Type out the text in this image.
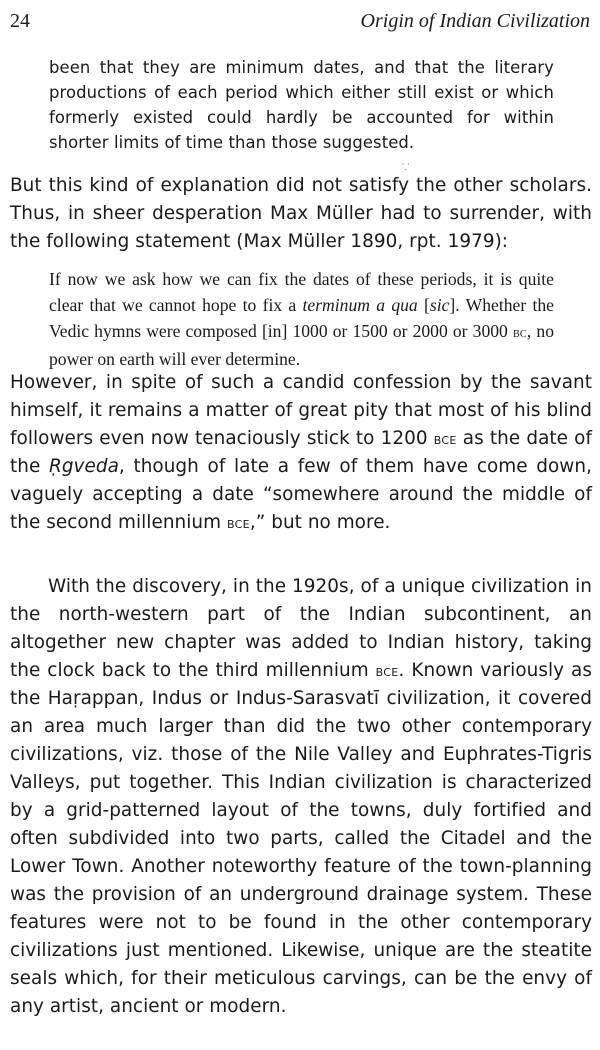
24	Origin of Indian Civilization

been that they are minimum dates, and that the literary productions of each period which either still exist or which formerly existed could hardly be accounted for within shorter limits of time than those suggested.

⸪

But this kind of explanation did not satisfy the other scholars. Thus, in sheer desperation Max Müller had to surrender, with the following statement (Max Müller 1890, rpt. 1979):

If now we ask how we can fix the dates of these periods, it is quite clear that we cannot hope to fix a terminum a qua [sic]. Whether the Vedic hymns were composed [in] 1000 or 1500 or 2000 or 3000 bc, no power on earth will ever determine.

However, in spite of such a candid confession by the savant himself, it remains a matter of great pity that most of his blind followers even now tenaciously stick to 1200 bce as the date of the Ṛgveda, though of late a few of them have come down, vaguely accepting a date “somewhere around the middle of the second millennium bce,” but no more.

With the discovery, in the 1920s, of a unique civilization in the north-western part of the Indian subcontinent, an altogether new chapter was added to Indian history, taking the clock back to the third millennium bce. Known variously as the Haṛappan, Indus or Indus-Sarasvatī civilization, it covered an area much larger than did the two other contemporary civilizations, viz. those of the Nile Valley and Euphrates-Tigris Valleys, put together. This Indian civilization is characterized by a grid-patterned layout of the towns, duly fortified and often subdivided into two parts, called the Citadel and the Lower Town. Another noteworthy feature of the town-planning was the provision of an underground drainage system. These features were not to be found in the other contemporary civilizations just mentioned. Likewise, unique are the steatite seals which, for their meticulous carvings, can be the envy of any artist, ancient or modern.
